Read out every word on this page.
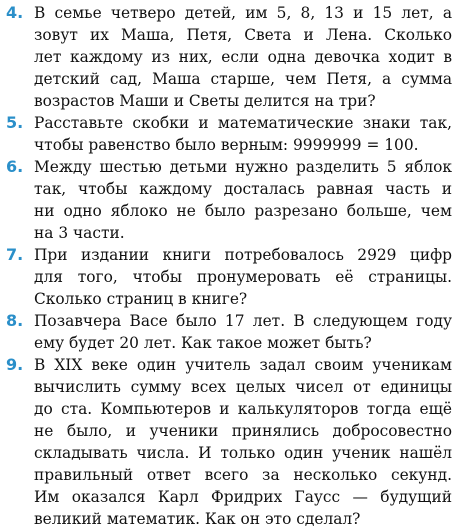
4. В семье четверо детей, им 5, 8, 13 и 15 лет, а
зовут их Маша, Петя, Света и Лена. Сколько
лет каждому из них, если одна девочка ходит в
детский сад, Маша старше, чем Петя, а сумма
возрастов Маши и Светы делится на три?
5. Расставьте скобки и математические знаки так,
чтобы равенство было верным: 9999999 = 100.
6. Между шестью детьми нужно разделить 5 яблок
так, чтобы каждому досталась равная часть и
ни одно яблоко не было разрезано больше, чем
на 3 части.
7. При издании книги потребовалось 2929 цифр
для того, чтобы пронумеровать её страницы.
Сколько страниц в книге?
8. Позавчера Васе было 17 лет. В следующем году
ему будет 20 лет. Как такое может быть?
9. В XIX веке один учитель задал своим ученикам
вычислить сумму всех целых чисел от единицы
до ста. Компьютеров и калькуляторов тогда ещё
не было, и ученики принялись добросовестно
складывать числа. И только один ученик нашёл
правильный ответ всего за несколько секунд.
Им оказался Карл Фридрих Гаусс — будущий
великий математик. Как он это сделал?
